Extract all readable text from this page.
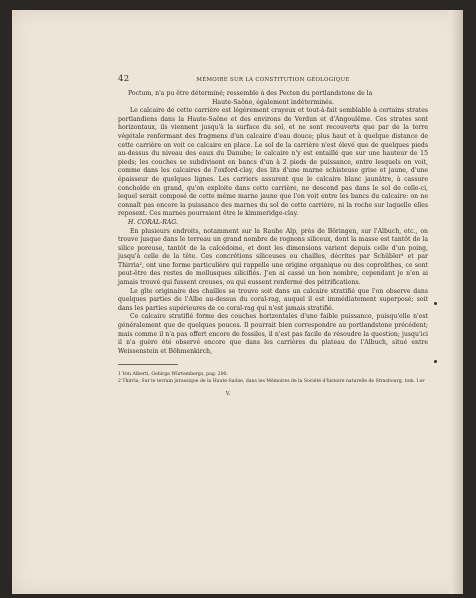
42	MÉMOIRE SUR LA CONSTITUTION GÉOLOGIQUE

Poctum, n'a pu être déterminé; ressemble à des Pecten du portlandstone de la

Haute-Saône, également indéterminés.

Le calcaire de cette carrière est légèrement crayeux et tout-à-fait semblable à certains strates portlandiens dans la Haute-Saône et des environs de Verdun et d'Angoulême. Ces strates sont horizontaux, ils viennent jusqu'à la surface du sol, et ne sont recouverts que par de la terre végétale renfermant des fragmens d'un calcaire d'eau douce; plus haut et à quelque distance de cette carrière on voit ce calcaire en place. Le sol de la carrière n'est élevé que de quelques pieds au-dessus du niveau des eaux du Danube; le calcaire n'y est entaillé que sur une hauteur de 15 pieds; les couches se subdivisent en bancs d'un à 2 pieds de puissance, entre lesquels on voit, comme dans les calcaires de l'oxford-clay, des lits d'une marne schisteuse grise et jaune, d'une épaisseur de quelques lignes. Les carriers assurent que le calcaire blanc jaunâtre, à cassure conchoïde en grand, qu'on exploite dans cette carrière, ne descend pas dans le sol de celle-ci, lequel serait composé de cette même marne jaune que l'on voit entre les bancs du calcaire: on ne connaît pas encore la puissance des marnes du sol de cette carrière, ni la roche sur laquelle elles reposent. Ces marnes pourraient être le kimmeridge-clay.

H. CORAL-RAG.

En plusieurs endroits, notamment sur la Rauhe Alp, près de Böringen, sur l'Albuch, etc., on trouve jusque dans le terreau un grand nombre de rognons siliceux, dont la masse est tantôt de la silice poreuse, tantôt de la calcédoine, et dont les dimensions varient depuis celle d'un poing, jusqu'à celle de la tête. Ces concrétions siliceuses ou chailles, décrites par Schübler¹ et par Thirria², ont une forme particulière qui rappelle une origine organique ou des coprolithes, ce sont peut-être des restes de mollusques silicifiés. J'en ai cassé un bon nombre, cependant je n'en ai jamais trouvé qui fussent creuses, ou qui eussent renfermé des pétrifications.

Le gîte originaire des chailles se trouve soit dans un calcaire stratifié que l'on observe dans quelques parties de l'Albe au-dessus du coral-rag, auquel il est immédiatement superposé; soit dans les parties supérieures de ce coral-rag qui n'est jamais stratifié.

Ce calcaire stratifié forme des couches horizontales d'une faible puissance, puisqu'elle n'est généralement que de quelques pouces. Il pourrait bien correspondre au portlandstone précédent; mais comme il n'a pas offert encore de fossiles, il n'est pas facile de résoudre la question; jusqu'ici il n'a guère été observé encore que dans les carrières du plateau de l'Albuch, situé entre Weissenstein et Böhmenkirch,

1 Von Alberti, Gebirge Würtembergs, pag. 200.

2 Thirria, Sur le terrain jurassique de la Haute-Saône, dans les Mémoires de la Société d'histoire naturelle de Strasbourg, tom. I.er

V.
